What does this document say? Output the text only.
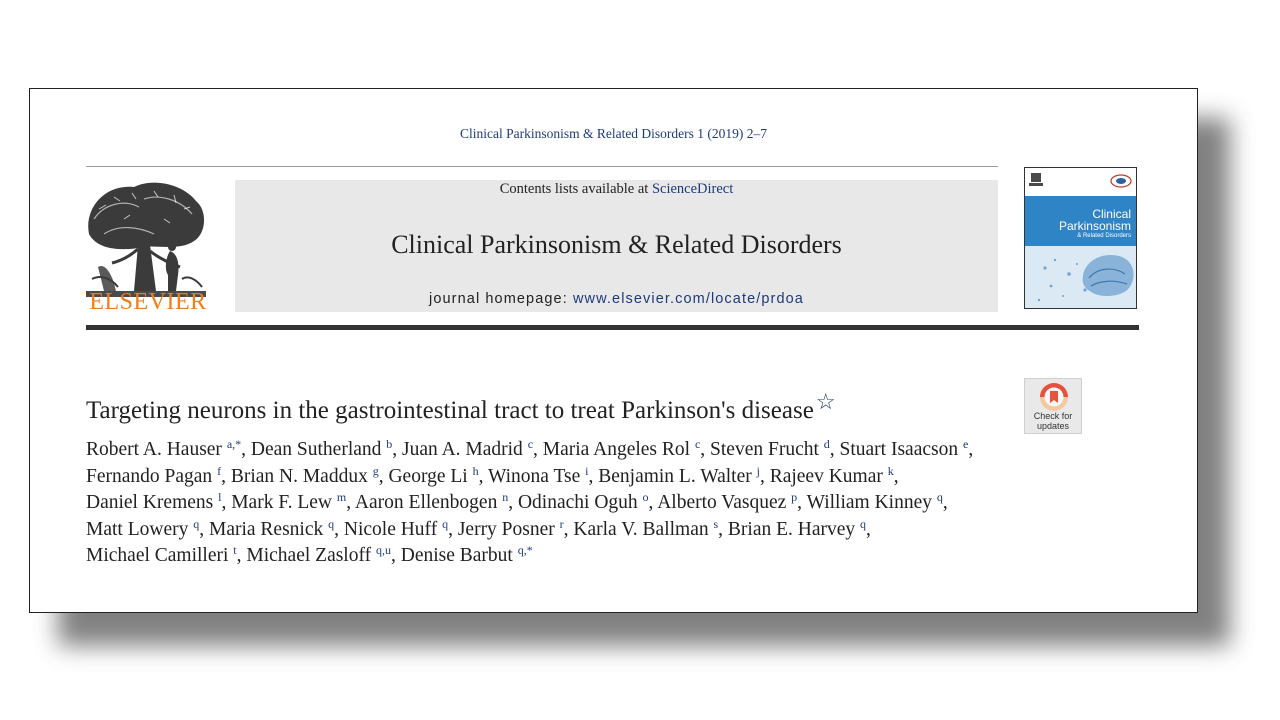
Clinical Parkinsonism & Related Disorders 1 (2019) 2–7
ELSEVIER
Contents lists available at ScienceDirect
Clinical Parkinsonism & Related Disorders
journal homepage: www.elsevier.com/locate/prdoa
Clinical
Parkinsonism
& Related Disorders
Targeting neurons in the gastrointestinal tract to treat Parkinson's disease☆
Check for
updates
Robert A. Hauser $^{a,*}$, Dean Sutherland $^b$, Juan A. Madrid $^c$, Maria Angeles Rol $^c$, Steven Frucht $^d$, Stuart Isaacson $^e$,
Fernando Pagan $^f$, Brian N. Maddux $^g$, George Li $^h$, Winona Tse $^i$, Benjamin L. Walter $^j$, Rajeev Kumar $^k$,
Daniel Kremens $^l$, Mark F. Lew $^m$, Aaron Ellenbogen $^n$, Odinachi Oguh $^o$, Alberto Vasquez $^p$, William Kinney $^q$,
Matt Lowery $^q$, Maria Resnick $^q$, Nicole Huff $^q$, Jerry Posner $^r$, Karla V. Ballman $^s$, Brian E. Harvey $^q$,
Michael Camilleri $^t$, Michael Zasloff $^{q,u}$, Denise Barbut $^{q,*}$
